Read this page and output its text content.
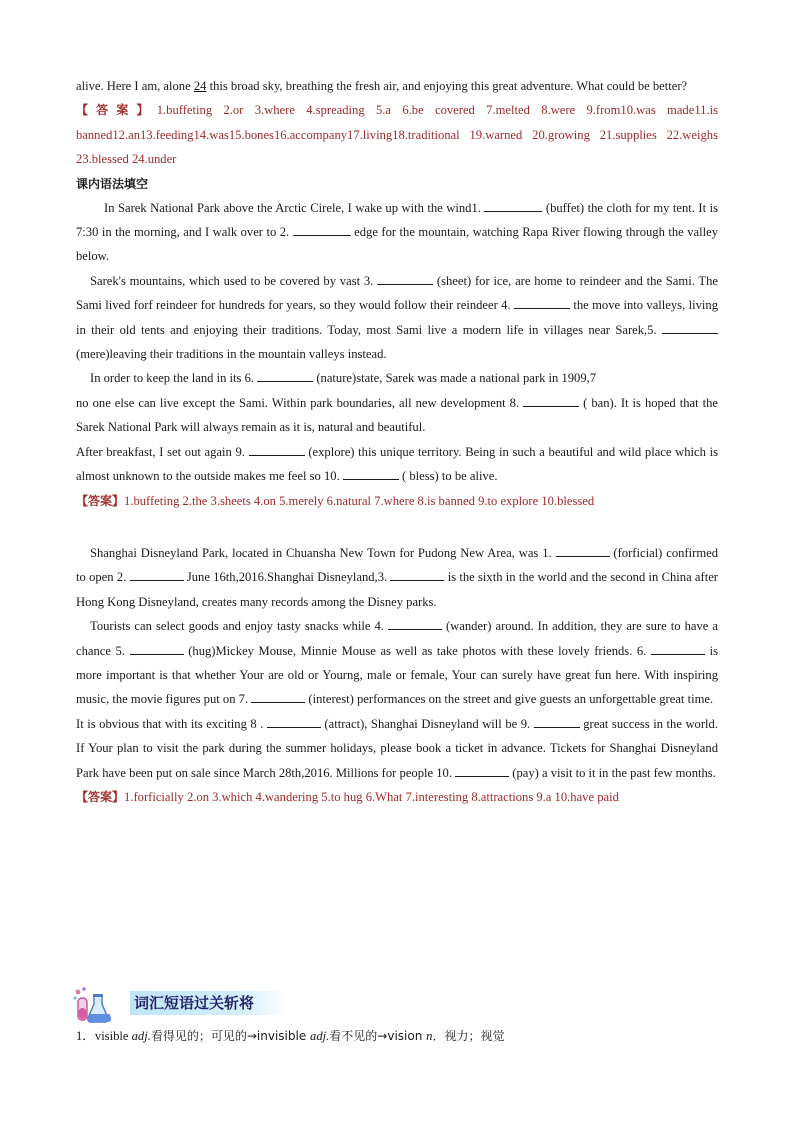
alive. Here I am, alone 24 this broad sky, breathing the fresh air, and enjoying this great adventure. What could be better?

【答案】1.buffeting 2.or 3.where 4.spreading 5.a 6.be covered 7.melted 8.were 9.from10.was made11.is banned12.an13.feeding14.was15.bones16.accompany17.living18.traditional 19.warned 20.growing 21.supplies 22.weighs 23.blessed 24.under

课内语法填空

In Sarek National Park above the Arctic Cirele, I wake up with the wind1.	(buffet) the cloth for my tent. It is 7:30 in the morning, and I walk over to 2.	edge for the mountain, watching Rapa River flowing through the valley below.

Sarek's mountains, which used to be covered by vast 3.	(sheet) for ice, are home to reindeer and the Sami. The Sami lived forf reindeer for hundreds for years, so they would follow their reindeer 4.	the move into valleys, living in their old tents and enjoying their traditions. Today, most Sami live a modern life in villages near Sarek,5.  (mere)leaving their traditions in the mountain valleys instead.

In order to keep the land in its 6.	(nature)state, Sarek was made a national park in 1909,7
no one else can live except the Sami. Within park boundaries, all new development 8.	( ban). It is hoped that the Sarek National Park will always remain as it is, natural and beautiful.

After breakfast, I set out again 9.	(explore) this unique territory. Being in such a beautiful and wild place which is almost unknown to the outside makes me feel so 10.	( bless) to be alive.

【答案】1.buffeting 2.the 3.sheets 4.on 5.merely 6.natural 7.where 8.is banned 9.to explore 10.blessed

Shanghai Disneyland Park, located in Chuansha New Town for Pudong New Area, was 1.	(forficial) confirmed to open 2.	June 16th,2016.Shanghai Disneyland,3.	is the sixth in the world and the second in China after Hong Kong Disneyland, creates many records among the Disney parks.

Tourists can select goods and enjoy tasty snacks while 4.	(wander) around. In addition, they are sure to have a chance 5.	(hug)Mickey Mouse, Minnie Mouse as well as take photos with these lovely friends. 6.	is more important is that whether Your are old or Yourng, male or female, Your can surely have great fun here. With inspiring music, the movie figures put on 7.	(interest) performances on the street and give guests an unforgettable great time.

It is obvious that with its exciting 8 .	(attract), Shanghai Disneyland will be 9.	great success in the world. If Your plan to visit the park during the summer holidays, please book a ticket in advance. Tickets for Shanghai Disneyland Park have been put on sale since March 28th,2016. Millions for people 10.	(pay) a visit to it in the past few months.

【答案】1.forficially 2.on 3.which 4.wandering 5.to hug 6.What 7.interesting 8.attractions 9.a 10.have paid

词汇短语过关斩将
1．visible adj.看得见的；可见的→invisible adj.看不见的→vision n．视力；视觉
